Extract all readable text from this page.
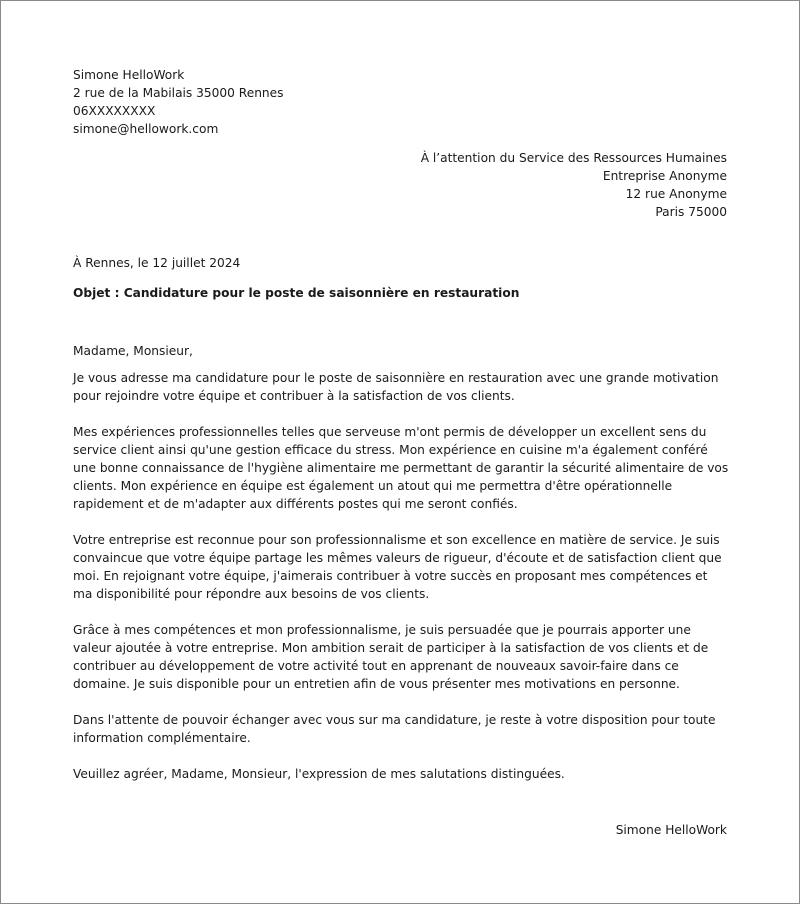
Simone HelloWork
2 rue de la Mabilais 35000 Rennes
06XXXXXXXX
simone@hellowork.com
À l’attention du Service des Ressources Humaines
Entreprise Anonyme
12 rue Anonyme
Paris 75000
À Rennes, le 12 juillet 2024
Objet : Candidature pour le poste de saisonnière en restauration

Madame, Monsieur,

Je vous adresse ma candidature pour le poste de saisonnière en restauration avec une grande motivation pour rejoindre votre équipe et contribuer à la satisfaction de vos clients.

Mes expériences professionnelles telles que serveuse m'ont permis de développer un excellent sens du service client ainsi qu'une gestion efficace du stress. Mon expérience en cuisine m'a également conféré une bonne connaissance de l'hygiène alimentaire me permettant de garantir la sécurité alimentaire de vos clients. Mon expérience en équipe est également un atout qui me permettra d'être opérationnelle rapidement et de m'adapter aux différents postes qui me seront confiés.

Votre entreprise est reconnue pour son professionnalisme et son excellence en matière de service. Je suis convaincue que votre équipe partage les mêmes valeurs de rigueur, d'écoute et de satisfaction client que moi. En rejoignant votre équipe, j'aimerais contribuer à votre succès en proposant mes compétences et ma disponibilité pour répondre aux besoins de vos clients.

Grâce à mes compétences et mon professionnalisme, je suis persuadée que je pourrais apporter une valeur ajoutée à votre entreprise. Mon ambition serait de participer à la satisfaction de vos clients et de contribuer au développement de votre activité tout en apprenant de nouveaux savoir-faire dans ce domaine. Je suis disponible pour un entretien afin de vous présenter mes motivations en personne.

Dans l'attente de pouvoir échanger avec vous sur ma candidature, je reste à votre disposition pour toute information complémentaire.

Veuillez agréer, Madame, Monsieur, l'expression de mes salutations distinguées.

Simone HelloWork
